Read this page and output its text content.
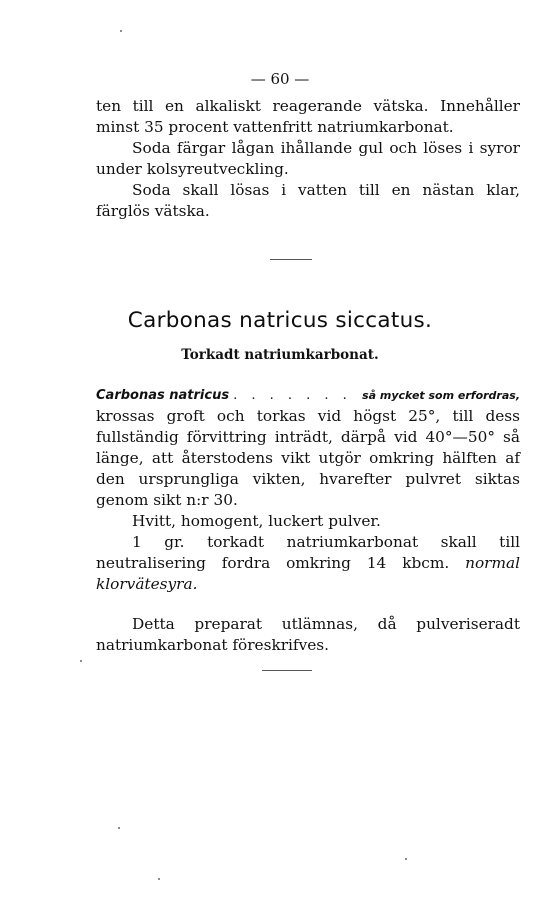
— 60 —

ten till en alkaliskt reagerande vätska. Innehåller minst 35 procent vattenfritt natriumkarbonat.

Soda färgar lågan ihållande gul och löses i syror under kolsyreutveckling.

Soda skall lösas i vatten till en nästan klar, färglös vätska.

Carbonas natricus siccatus.
Torkadt natriumkarbonat.
Carbonas natricus . . . . . . . så mycket som erfordras,

krossas groft och torkas vid högst 25°, till dess fullständig förvittring inträdt, därpå vid 40°—50° så länge, att återstodens vikt utgör omkring hälften af den ursprungliga vikten, hvarefter pulvret siktas genom sikt n:r 30.

Hvitt, homogent, luckert pulver.

1 gr. torkadt natriumkarbonat skall till neutralisering fordra omkring 14 kbcm. normal klorvätesyra.

Detta preparat utlämnas, då pulveriseradt natriumkarbonat föreskrifves.
